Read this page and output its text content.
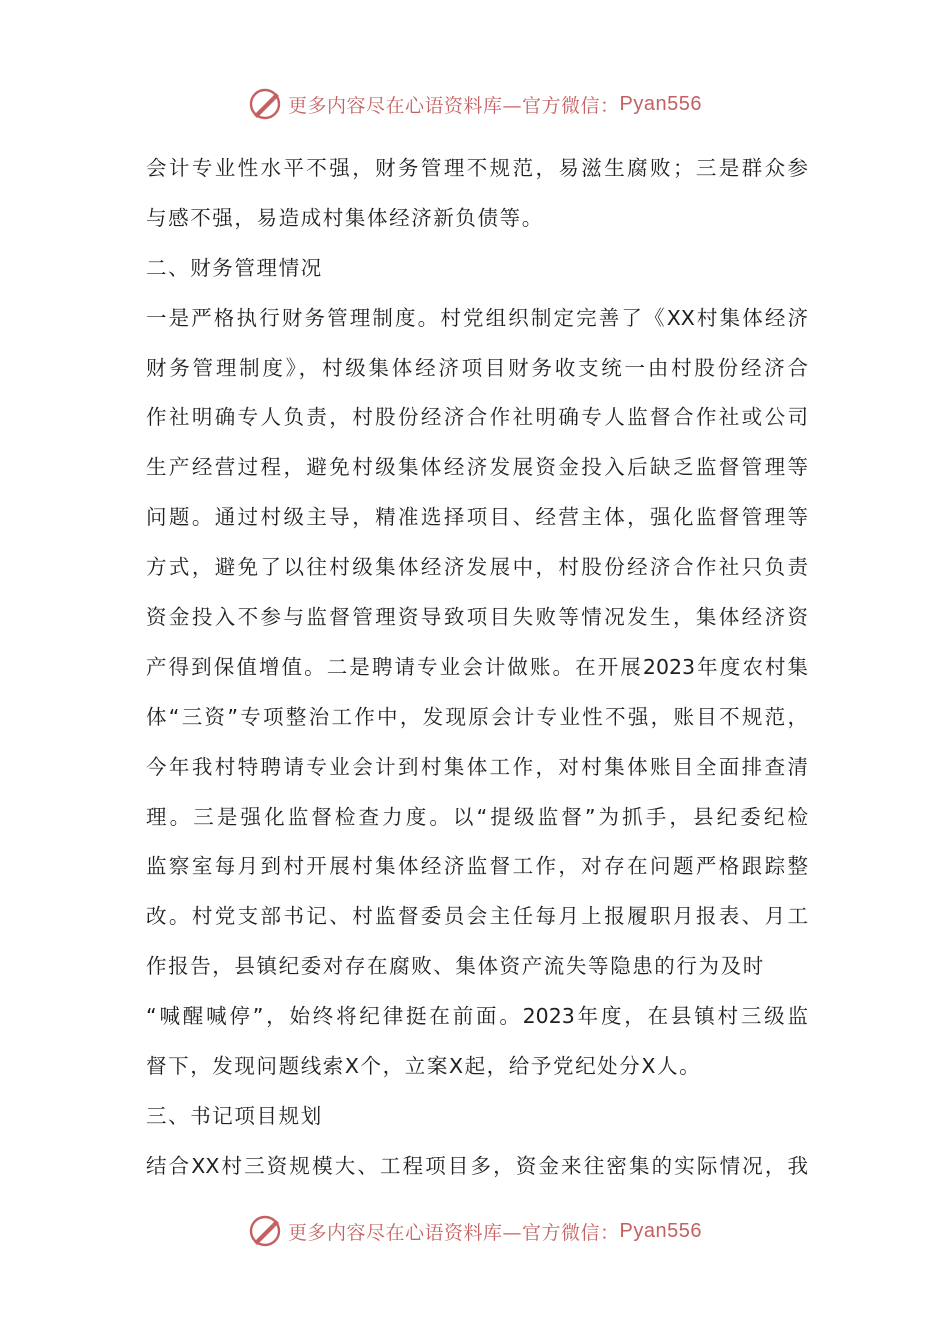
更多内容尽在心语资料库—官方微信： Pyan556
会计专业性水平不强，财务管理不规范，易滋生腐败；三是群众参
与感不强，易造成村集体经济新负债等。
二、财务管理情况
一是严格执行财务管理制度。村党组织制定完善了《XX村集体经济
财务管理制度》，村级集体经济项目财务收支统一由村股份经济合
作社明确专人负责，村股份经济合作社明确专人监督合作社或公司
生产经营过程，避免村级集体经济发展资金投入后缺乏监督管理等
问题。通过村级主导，精准选择项目、经营主体，强化监督管理等
方式，避免了以往村级集体经济发展中，村股份经济合作社只负责
资金投入不参与监督管理资导致项目失败等情况发生，集体经济资
产得到保值增值。二是聘请专业会计做账。在开展2023年度农村集
体“三资”专项整治工作中，发现原会计专业性不强，账目不规范，
今年我村特聘请专业会计到村集体工作，对村集体账目全面排查清
理。三是强化监督检查力度。以“提级监督”为抓手，县纪委纪检
监察室每月到村开展村集体经济监督工作，对存在问题严格跟踪整
改。村党支部书记、村监督委员会主任每月上报履职月报表、月工
作报告，县镇纪委对存在腐败、集体资产流失等隐患的行为及时
“喊醒喊停”，始终将纪律挺在前面。2023年度，在县镇村三级监
督下，发现问题线索X个，立案X起，给予党纪处分X人。
三、书记项目规划
结合XX村三资规模大、工程项目多，资金来往密集的实际情况，我
更多内容尽在心语资料库—官方微信： Pyan556
